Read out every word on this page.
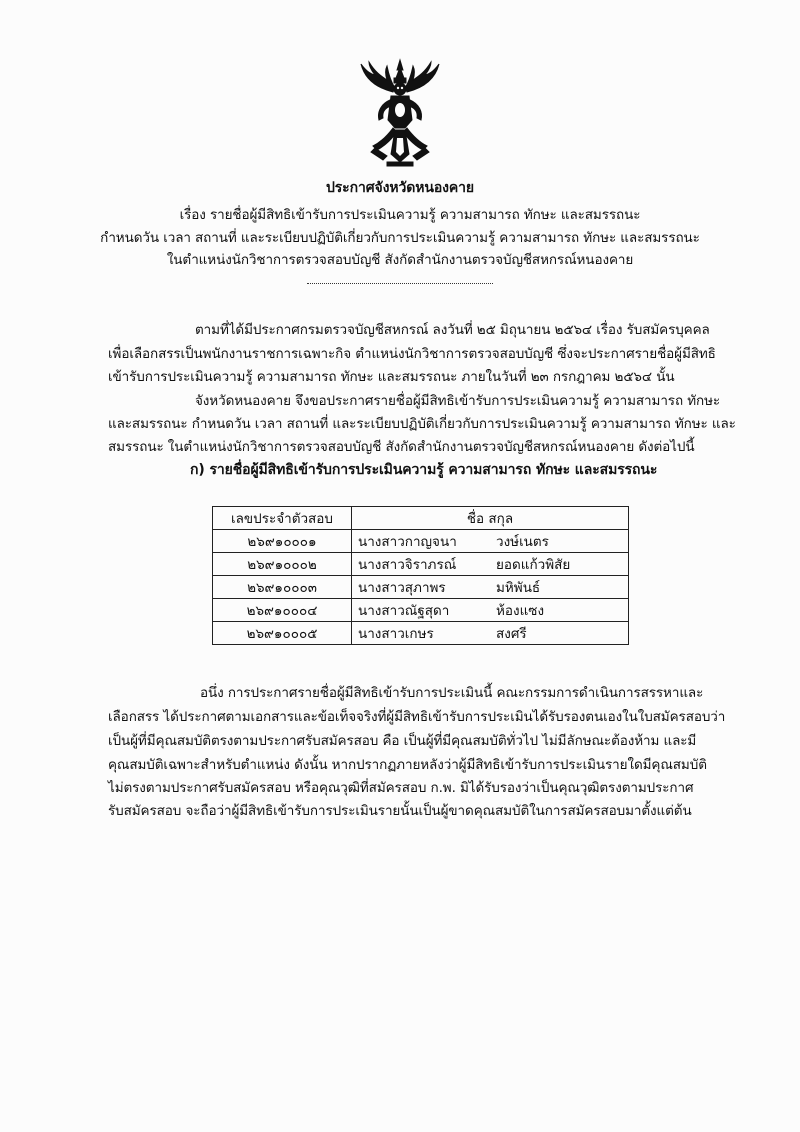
ประกาศจังหวัดหนองคาย
เรื่อง รายชื่อผู้มีสิทธิเข้ารับการประเมินความรู้ ความสามารถ ทักษะ และสมรรถนะ
กำหนดวัน เวลา สถานที่ และระเบียบปฏิบัติเกี่ยวกับการประเมินความรู้ ความสามารถ ทักษะ และสมรรถนะ
ในตำแหน่งนักวิชาการตรวจสอบบัญชี สังกัดสำนักงานตรวจบัญชีสหกรณ์หนองคาย
ตามที่ได้มีประกาศกรมตรวจบัญชีสหกรณ์ ลงวันที่ ๒๕ มิถุนายน ๒๕๖๔ เรื่อง รับสมัครบุคคล
เพื่อเลือกสรรเป็นพนักงานราชการเฉพาะกิจ ตำแหน่งนักวิชาการตรวจสอบบัญชี ซึ่งจะประกาศรายชื่อผู้มีสิทธิ
เข้ารับการประเมินความรู้ ความสามารถ ทักษะ และสมรรถนะ ภายในวันที่ ๒๓ กรกฎาคม ๒๕๖๔ นั้น
จังหวัดหนองคาย จึงขอประกาศรายชื่อผู้มีสิทธิเข้ารับการประเมินความรู้ ความสามารถ ทักษะ
และสมรรถนะ กำหนดวัน เวลา สถานที่ และระเบียบปฏิบัติเกี่ยวกับการประเมินความรู้ ความสามารถ ทักษะ และ
สมรรถนะ ในตำแหน่งนักวิชาการตรวจสอบบัญชี สังกัดสำนักงานตรวจบัญชีสหกรณ์หนองคาย ดังต่อไปนี้
ก) รายชื่อผู้มีสิทธิเข้ารับการประเมินความรู้ ความสามารถ ทักษะ และสมรรถนะ
เลขประจำตัวสอบ	ชื่อ สกุล
๒๖๙๑๐๐๐๑	นางสาวกาญจนา วงษ์เนตร
๒๖๙๑๐๐๐๒	นางสาวจิราภรณ์ ยอดแก้วพิสัย
๒๖๙๑๐๐๐๓	นางสาวสุภาพร มหิพันธ์
๒๖๙๑๐๐๐๔	นางสาวณัฐสุดา ห้องแซง
๒๖๙๑๐๐๐๕	นางสาวเกษร สงศรี
อนึ่ง การประกาศรายชื่อผู้มีสิทธิเข้ารับการประเมินนี้ คณะกรรมการดำเนินการสรรหาและ
เลือกสรร ได้ประกาศตามเอกสารและข้อเท็จจริงที่ผู้มีสิทธิเข้ารับการประเมินได้รับรองตนเองในใบสมัครสอบว่า
เป็นผู้ที่มีคุณสมบัติตรงตามประกาศรับสมัครสอบ คือ เป็นผู้ที่มีคุณสมบัติทั่วไป ไม่มีลักษณะต้องห้าม และมี
คุณสมบัติเฉพาะสำหรับตำแหน่ง ดังนั้น หากปรากฏภายหลังว่าผู้มีสิทธิเข้ารับการประเมินรายใดมีคุณสมบัติ
ไม่ตรงตามประกาศรับสมัครสอบ หรือคุณวุฒิที่สมัครสอบ ก.พ. มิได้รับรองว่าเป็นคุณวุฒิตรงตามประกาศ
รับสมัครสอบ จะถือว่าผู้มีสิทธิเข้ารับการประเมินรายนั้นเป็นผู้ขาดคุณสมบัติในการสมัครสอบมาตั้งแต่ต้น
